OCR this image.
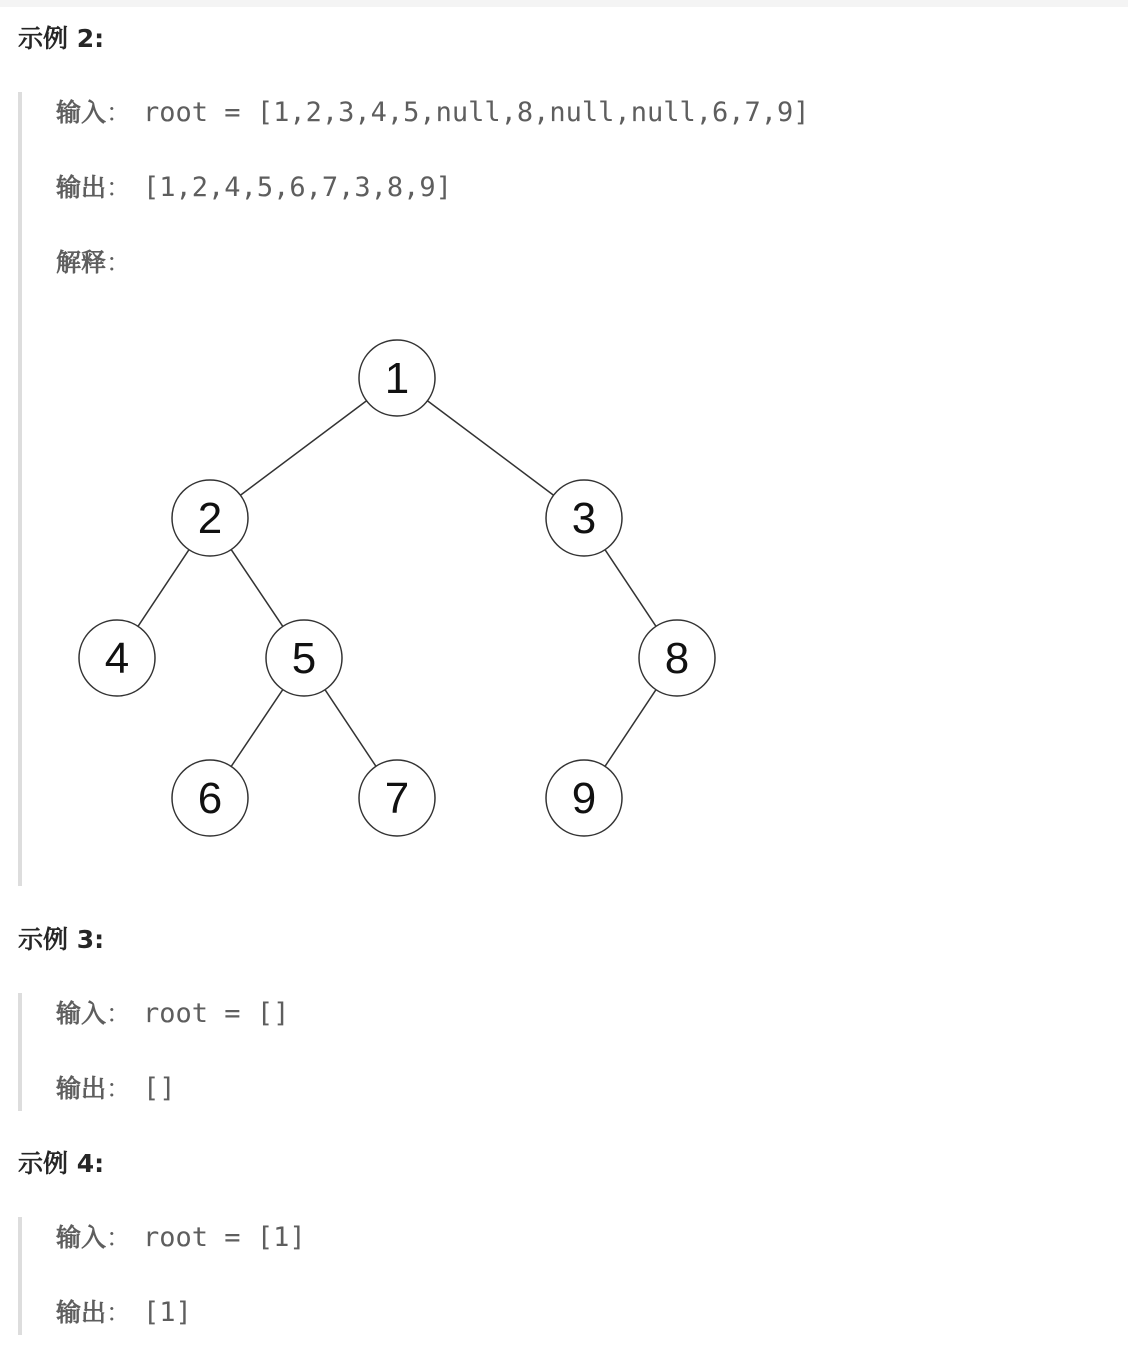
示例 2:
输入： root = [1,2,3,4,5,null,8,null,null,6,7,9]
输出： [1,2,4,5,6,7,3,8,9]
解释：
1
2	3
4	5	8
6	7	9
示例 3:
输入： root = []
输出： []
示例 4:
输入： root = [1]
输出： [1]
